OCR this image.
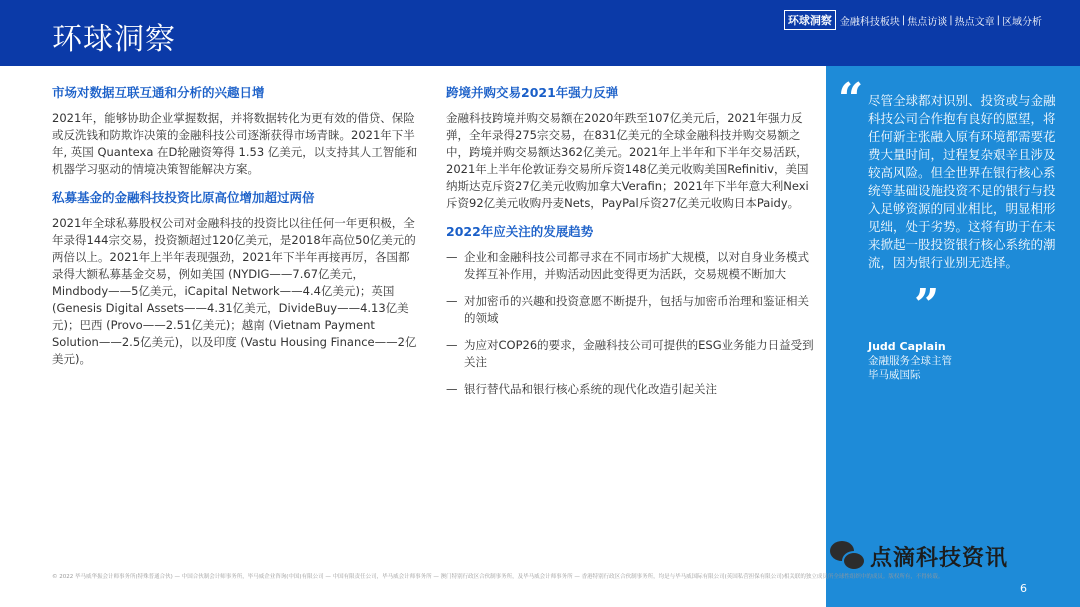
环球洞察
环球洞察 金融科技板块 | 焦点访谈 | 热点文章 | 区域分析
市场对数据互联互通和分析的兴趣日增

2021年，能够协助企业掌握数据，并将数据转化为更有效的借贷、保险或反洗钱和防欺诈决策的金融科技公司逐渐获得市场青睐。2021年下半年, 英国 Quantexa 在D轮融资筹得 1.53 亿美元，以支持其人工智能和机器学习驱动的情境决策智能解决方案。

私募基金的金融科技投资比原高位增加超过两倍

2021年全球私募股权公司对金融科技的投资比以往任何一年更积极，全年录得144宗交易，投资额超过120亿美元，是2018年高位50亿美元的两倍以上。2021年上半年表现强劲，2021年下半年再接再厉，各国都录得大额私募基金交易，例如美国 (NYDIG——7.67亿美元，Mindbody——5亿美元，iCapital Network——4.4亿美元)；英国 (Genesis Digital Assets——4.31亿美元，DivideBuy——4.13亿美元)；巴西 (Provo——2.51亿美元)；越南 (Vietnam Payment Solution——2.5亿美元)，以及印度 (Vastu Housing Finance——2亿美元)。

跨境并购交易2021年强力反弹

金融科技跨境并购交易额在2020年跌至107亿美元后，2021年强力反弹，全年录得275宗交易，在831亿美元的全球金融科技并购交易额之中，跨境并购交易额达362亿美元。2021年上半年和下半年交易活跃，2021年上半年伦敦证券交易所斥资148亿美元收购美国Refinitiv，美国纳斯达克斥资27亿美元收购加拿大Verafin；2021年下半年意大利Nexi斥资92亿美元收购丹麦Nets，PayPal斥资27亿美元收购日本Paidy。

2022年应关注的发展趋势
— 企业和金融科技公司都寻求在不同市场扩大规模，以对自身业务模式发挥互补作用，并购活动因此变得更为活跃，交易规模不断加大
— 对加密币的兴趣和投资意愿不断提升，包括与加密币治理和鉴证相关的领域
— 为应对COP26的要求，金融科技公司可提供的ESG业务能力日益受到关注
— 银行替代品和银行核心系统的现代化改造引起关注
“ 尽管全球都对识别、投资或与金融科技公司合作抱有良好的愿望，将任何新主张融入原有环境都需要花费大量时间，过程复杂艰辛且涉及较高风险。但全世界在银行核心系统等基础设施投资不足的银行与投入足够资源的同业相比，明显相形见绌，处于劣势。这将有助于在未来掀起一股投资银行核心系统的潮流，因为银行业别无选择。
”
Judd Caplain
金融服务全球主管
毕马威国际
© 2022 毕马威华振会计师事务所(特殊普通合伙) — 中国合伙制会计师事务所，毕马威企业咨询(中国)有限公司 — 中国有限责任公司，毕马威会计师事务所 — 澳门特别行政区合伙制事务所，及毕马威会计师事务所 — 香港特别行政区合伙制事务所，均是与毕马威国际有限公司(英国私营担保有限公司)相关联的独立成员所全球性组织中的成员。版权所有，不得转载。
点滴科技资讯
6
